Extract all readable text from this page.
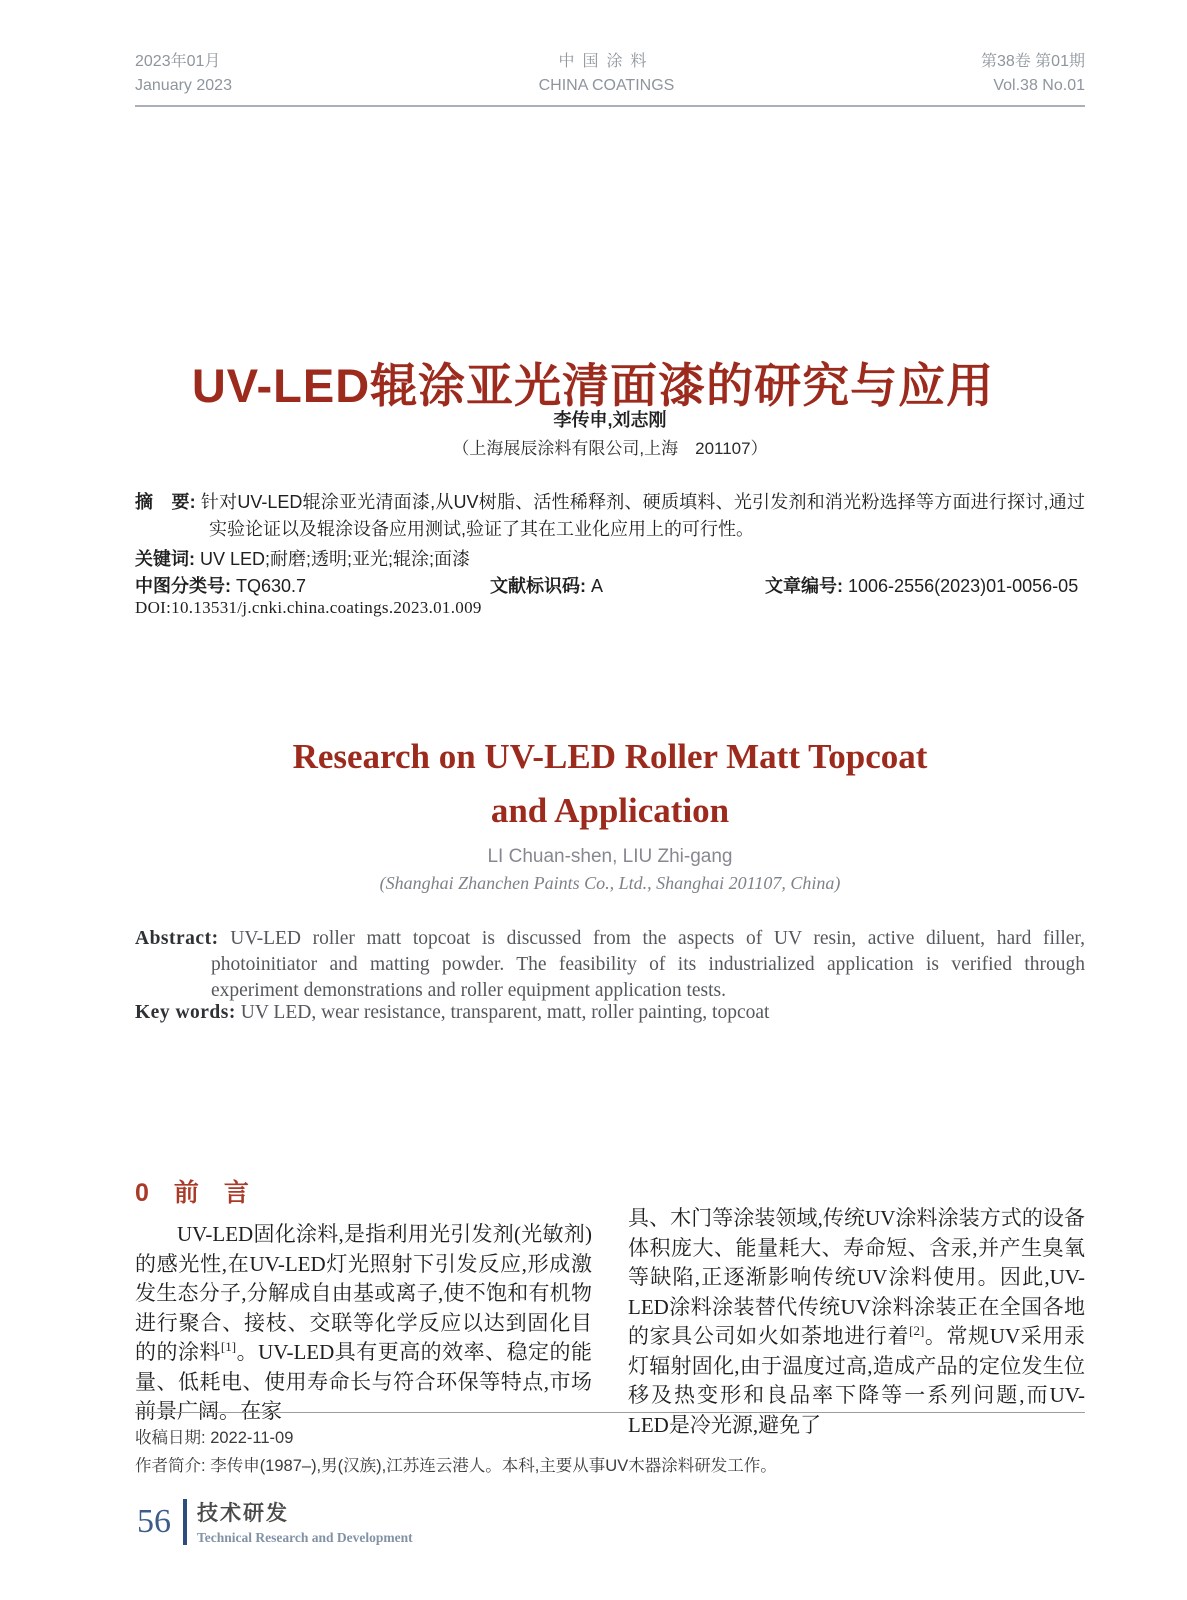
2023年01月
January 2023
中国涂料
CHINA COATINGS
第38卷 第01期
Vol.38 No.01
UV-LED辊涂亚光清面漆的研究与应用
李传申,刘志刚
（上海展辰涂料有限公司,上海　201107）
摘　要: 针对UV-LED辊涂亚光清面漆,从UV树脂、活性稀释剂、硬质填料、光引发剂和消光粉选择等方面进行探讨,通过实验论证以及辊涂设备应用测试,验证了其在工业化应用上的可行性。
关键词: UV LED;耐磨;透明;亚光;辊涂;面漆
中图分类号: TQ630.7	文献标识码: A	文章编号: 1006-2556(2023)01-0056-05
DOI:10.13531/j.cnki.china.coatings.2023.01.009
Research on UV-LED Roller Matt Topcoat
and Application
LI Chuan-shen, LIU Zhi-gang
(Shanghai Zhanchen Paints Co., Ltd., Shanghai 201107, China)
Abstract: UV-LED roller matt topcoat is discussed from the aspects of UV resin, active diluent, hard filler, photoinitiator and matting powder. The feasibility of its industrialized application is verified through experiment demonstrations and roller equipment application tests.
Key words: UV LED, wear resistance, transparent, matt, roller painting, topcoat
0　前　言

UV-LED固化涂料,是指利用光引发剂(光敏剂)的感光性,在UV-LED灯光照射下引发反应,形成激发生态分子,分解成自由基或离子,使不饱和有机物进行聚合、接枝、交联等化学反应以达到固化目的的涂料[1]。UV-LED具有更高的效率、稳定的能量、低耗电、使用寿命长与符合环保等特点,市场前景广阔。在家

具、木门等涂装领域,传统UV涂料涂装方式的设备体积庞大、能量耗大、寿命短、含汞,并产生臭氧等缺陷,正逐渐影响传统UV涂料使用。因此,UV-LED涂料涂装替代传统UV涂料涂装正在全国各地的家具公司如火如荼地进行着[2]。常规UV采用汞灯辐射固化,由于温度过高,造成产品的定位发生位移及热变形和良品率下降等一系列问题,而UV-LED是冷光源,避免了

收稿日期: 2022-11-09
作者简介: 李传申(1987–),男(汉族),江苏连云港人。本科,主要从事UV木器涂料研发工作。
56 技术研发
Technical Research and Development
